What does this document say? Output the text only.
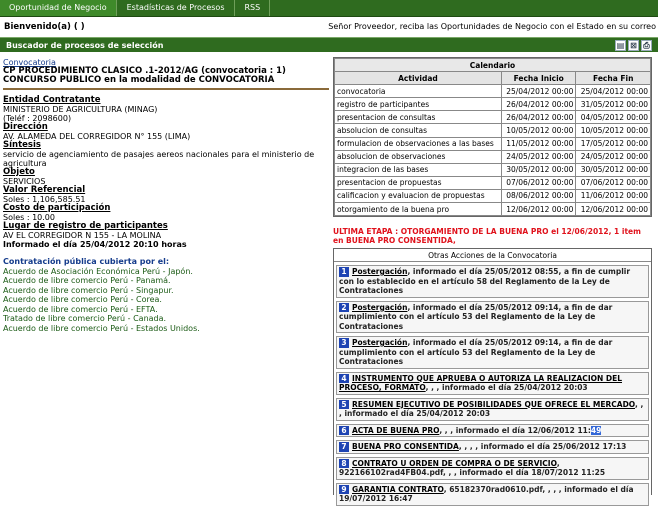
Oportunidad de Negocio	Estadísticas de Procesos	RSS
Bienvenido(a) ( )	Señor Proveedor, reciba las Oportunidades de Negocio con el Estado en su correo
Buscador de procesos de selección	▤ ⊠ ⎙
Convocatoria
CP PROCEDIMIENTO CLASICO .1-2012/AG (convocatoria : 1) CONCURSO PUBLICO en la modalidad de CONVOCATORIA
Entidad Contratante
MINISTERIO DE AGRICULTURA (MINAG)
(Teléf : 2098600)
Dirección
AV. ALAMEDA DEL CORREGIDOR N° 155 (LIMA)
Síntesis
servicio de agenciamiento de pasajes aereos nacionales para el ministerio de agricultura
Objeto
SERVICIOS
Valor Referencial
Soles : 1,106,585.51
Costo de participación
Soles : 10.00
Lugar de registro de participantes
AV EL CORREGIDOR N 155 - LA MOLINA
Informado el día 25/04/2012 20:10 horas
Contratación pública cubierta por el:
Acuerdo de Asociación Económica Perú - Japón.
Acuerdo de libre comercio Perú - Panamá.
Acuerdo de libre comercio Perú - Singapur.
Acuerdo de libre comercio Perú - Corea.
Acuerdo de libre comercio Perú - EFTA.
Tratado de libre comercio Perú - Canada.
Acuerdo de libre comercio Perú - Estados Unidos.
Calendario		
Actividad	Fecha Inicio	Fecha Fin
convocatoria	25/04/2012 00:00	25/04/2012 00:00
registro de participantes	26/04/2012 00:00	31/05/2012 00:00
presentacion de consultas	26/04/2012 00:00	04/05/2012 00:00
absolucion de consultas	10/05/2012 00:00	10/05/2012 00:00
formulacion de observaciones a las bases	11/05/2012 00:00	17/05/2012 00:00
absolucion de observaciones	24/05/2012 00:00	24/05/2012 00:00
integracion de las bases	30/05/2012 00:00	30/05/2012 00:00
presentacion de propuestas	07/06/2012 00:00	07/06/2012 00:00
calificacion y evaluacion de propuestas	08/06/2012 00:00	11/06/2012 00:00
otorgamiento de la buena pro	12/06/2012 00:00	12/06/2012 00:00
ULTIMA ETAPA : OTORGAMIENTO DE LA BUENA PRO el 12/06/2012, 1 item en BUENA PRO CONSENTIDA,
Otras Acciones de la Convocatoria
1 Postergación, informado el día 25/05/2012 08:55, a fin de cumplir con lo establecido en el artículo 58 del Reglamento de la Ley de Contrataciones
2 Postergación, informado el día 25/05/2012 09:14, a fin de dar cumplimiento con el artículo 53 del Reglamento de la Ley de Contrataciones
3 Postergación, informado el día 25/05/2012 09:14, a fin de dar cumplimiento con el artículo 53 del Reglamento de la Ley de Contrataciones
4 INSTRUMENTO QUE APRUEBA O AUTORIZA LA REALIZACION DEL PROCESO, FORMATO, , , informado el día 25/04/2012 20:03
5 RESUMEN EJECUTIVO DE POSIBILIDADES QUE OFRECE EL MERCADO, , , informado el día 25/04/2012 20:03
6 ACTA DE BUENA PRO, , , informado el día 12/06/2012 11:49
7 BUENA PRO CONSENTIDA, , , , informado el día 25/06/2012 17:13
8 CONTRATO U ORDEN DE COMPRA O DE SERVICIO, 922166102rad4FB04.pdf, , , informado el día 18/07/2012 11:25
9 GARANTIA CONTRATO, 65182370rad0610.pdf, , , , informado el día 19/07/2012 16:47
